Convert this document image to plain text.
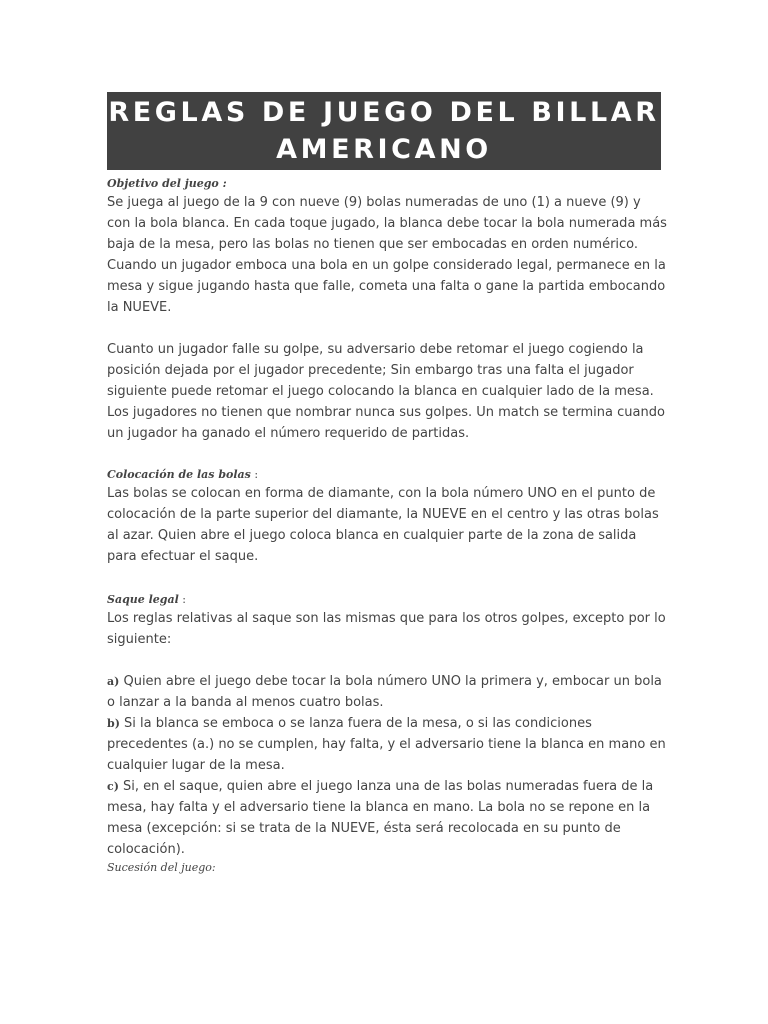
REGLAS DE JUEGO DEL BILLAR
AMERICANO
Objetivo del juego :

Se juega al juego de la 9 con nueve (9) bolas numeradas de uno (1) a nueve (9) y con la bola blanca. En cada toque jugado, la blanca debe tocar la bola numerada más baja de la mesa, pero las bolas no tienen que ser embocadas en orden numérico. Cuando un jugador emboca una bola en un golpe considerado legal, permanece en la mesa y sigue jugando hasta que falle, cometa una falta o gane la partida embocando la NUEVE.

Cuanto un jugador falle su golpe, su adversario debe retomar el juego cogiendo la posición dejada por el jugador precedente; Sin embargo tras una falta el jugador siguiente puede retomar el juego colocando la blanca en cualquier lado de la mesa. Los jugadores no tienen que nombrar nunca sus golpes. Un match se termina cuando un jugador ha ganado el número requerido de partidas.

Colocación de las bolas :

Las bolas se colocan en forma de diamante, con la bola número UNO en el punto de colocación de la parte superior del diamante, la NUEVE en el centro y las otras bolas al azar. Quien abre el juego coloca blanca en cualquier parte de la zona de salida para efectuar el saque.

Saque legal :

Los reglas relativas al saque son las mismas que para los otros golpes, excepto por lo siguiente:

a) Quien abre el juego debe tocar la bola número UNO la primera y, embocar un bola o lanzar a la banda al menos cuatro bolas.

b) Si la blanca se emboca o se lanza fuera de la mesa, o si las condiciones precedentes (a.) no se cumplen, hay falta, y el adversario tiene la blanca en mano en cualquier lugar de la mesa.

c) Si, en el saque, quien abre el juego lanza una de las bolas numeradas fuera de la mesa, hay falta y el adversario tiene la blanca en mano. La bola no se repone en la mesa (excepción: si se trata de la NUEVE, ésta será recolocada en su punto de colocación).

Sucesión del juego:
